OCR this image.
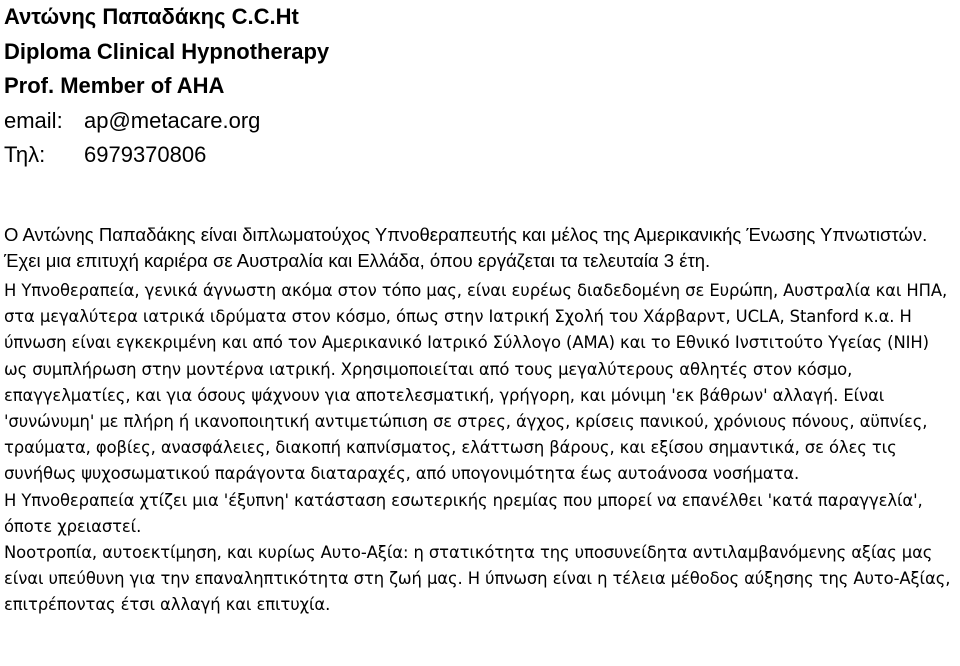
Αντώνης Παπαδάκης C.C.Ht
Diploma Clinical Hypnotherapy
Prof. Member of AHA
email: ap@metacare.org
Τηλ: 6979370806

Ο Αντώνης Παπαδάκης είναι διπλωματούχος Υπνοθεραπευτής και μέλος της Αμερικανικής Ένωσης Υπνωτιστών. Έχει μια επιτυχή καριέρα σε Αυστραλία και Ελλάδα, όπου εργάζεται τα τελευταία 3 έτη.

Η Υπνοθεραπεία, γενικά άγνωστη ακόμα στον τόπο μας, είναι ευρέως διαδεδομένη σε Ευρώπη, Αυστραλία και ΗΠΑ, στα μεγαλύτερα ιατρικά ιδρύματα στον κόσμο, όπως στην Ιατρική Σχολή του Χάρβαρντ, UCLA, Stanford κ.α. Η ύπνωση είναι εγκεκριμένη και από τον Αμερικανικό Ιατρικό Σύλλογο (AMA) και το Εθνικό Ινστιτούτο Υγείας (NIH) ως συμπλήρωση στην μοντέρνα ιατρική. Χρησιμοποιείται από τους μεγαλύτερους αθλητές στον κόσμο, επαγγελματίες, και για όσους ψάχνουν για αποτελεσματική, γρήγορη, και μόνιμη 'εκ βάθρων' αλλαγή. Είναι 'συνώνυμη' με πλήρη ή ικανοποιητική αντιμετώπιση σε στρες, άγχος, κρίσεις πανικού, χρόνιους πόνους, αϋπνίες, τραύματα, φοβίες, ανασφάλειες, διακοπή καπνίσματος, ελάττωση βάρους, και εξίσου σημαντικά, σε όλες τις συνήθως ψυχοσωματικού παράγοντα διαταραχές, από υπογονιμότητα έως αυτοάνοσα νοσήματα.

Η Υπνοθεραπεία χτίζει μια 'έξυπνη' κατάσταση εσωτερικής ηρεμίας που μπορεί να επανέλθει 'κατά παραγγελία', όποτε χρειαστεί.

Νοοτροπία, αυτοεκτίμηση, και κυρίως Αυτο-Αξία: η στατικότητα της υποσυνείδητα αντιλαμβανόμενης αξίας μας είναι υπεύθυνη για την επαναληπτικότητα στη ζωή μας. Η ύπνωση είναι η τέλεια μέθοδος αύξησης της Αυτο-Αξίας, επιτρέποντας έτσι αλλαγή και επιτυχία.
